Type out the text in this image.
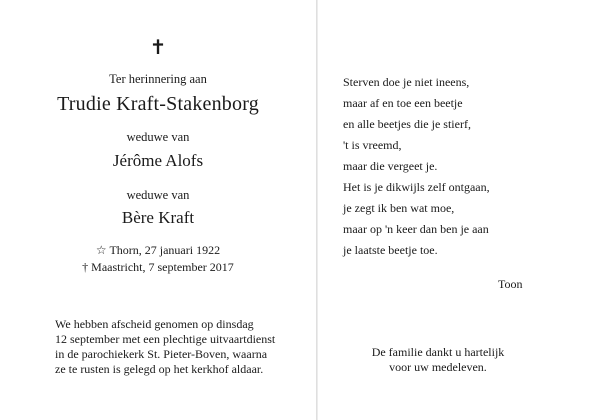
✝
Ter herinnering aan
Trudie Kraft-Stakenborg
weduwe van
Jérôme Alofs
weduwe van
Bère Kraft
☆ Thorn, 27 januari 1922
† Maastricht, 7 september 2017
We hebben afscheid genomen op dinsdag
12 september met een plechtige uitvaartdienst
in de parochiekerk St. Pieter-Boven, waarna
ze te rusten is gelegd op het kerkhof aldaar.
Sterven doe je niet ineens,
maar af en toe een beetje
en alle beetjes die je stierf,
't is vreemd,
maar die vergeet je.
Het is je dikwijls zelf ontgaan,
je zegt ik ben wat moe,
maar op 'n keer dan ben je aan
je laatste beetje toe.
Toon
De familie dankt u hartelijk
voor uw medeleven.
